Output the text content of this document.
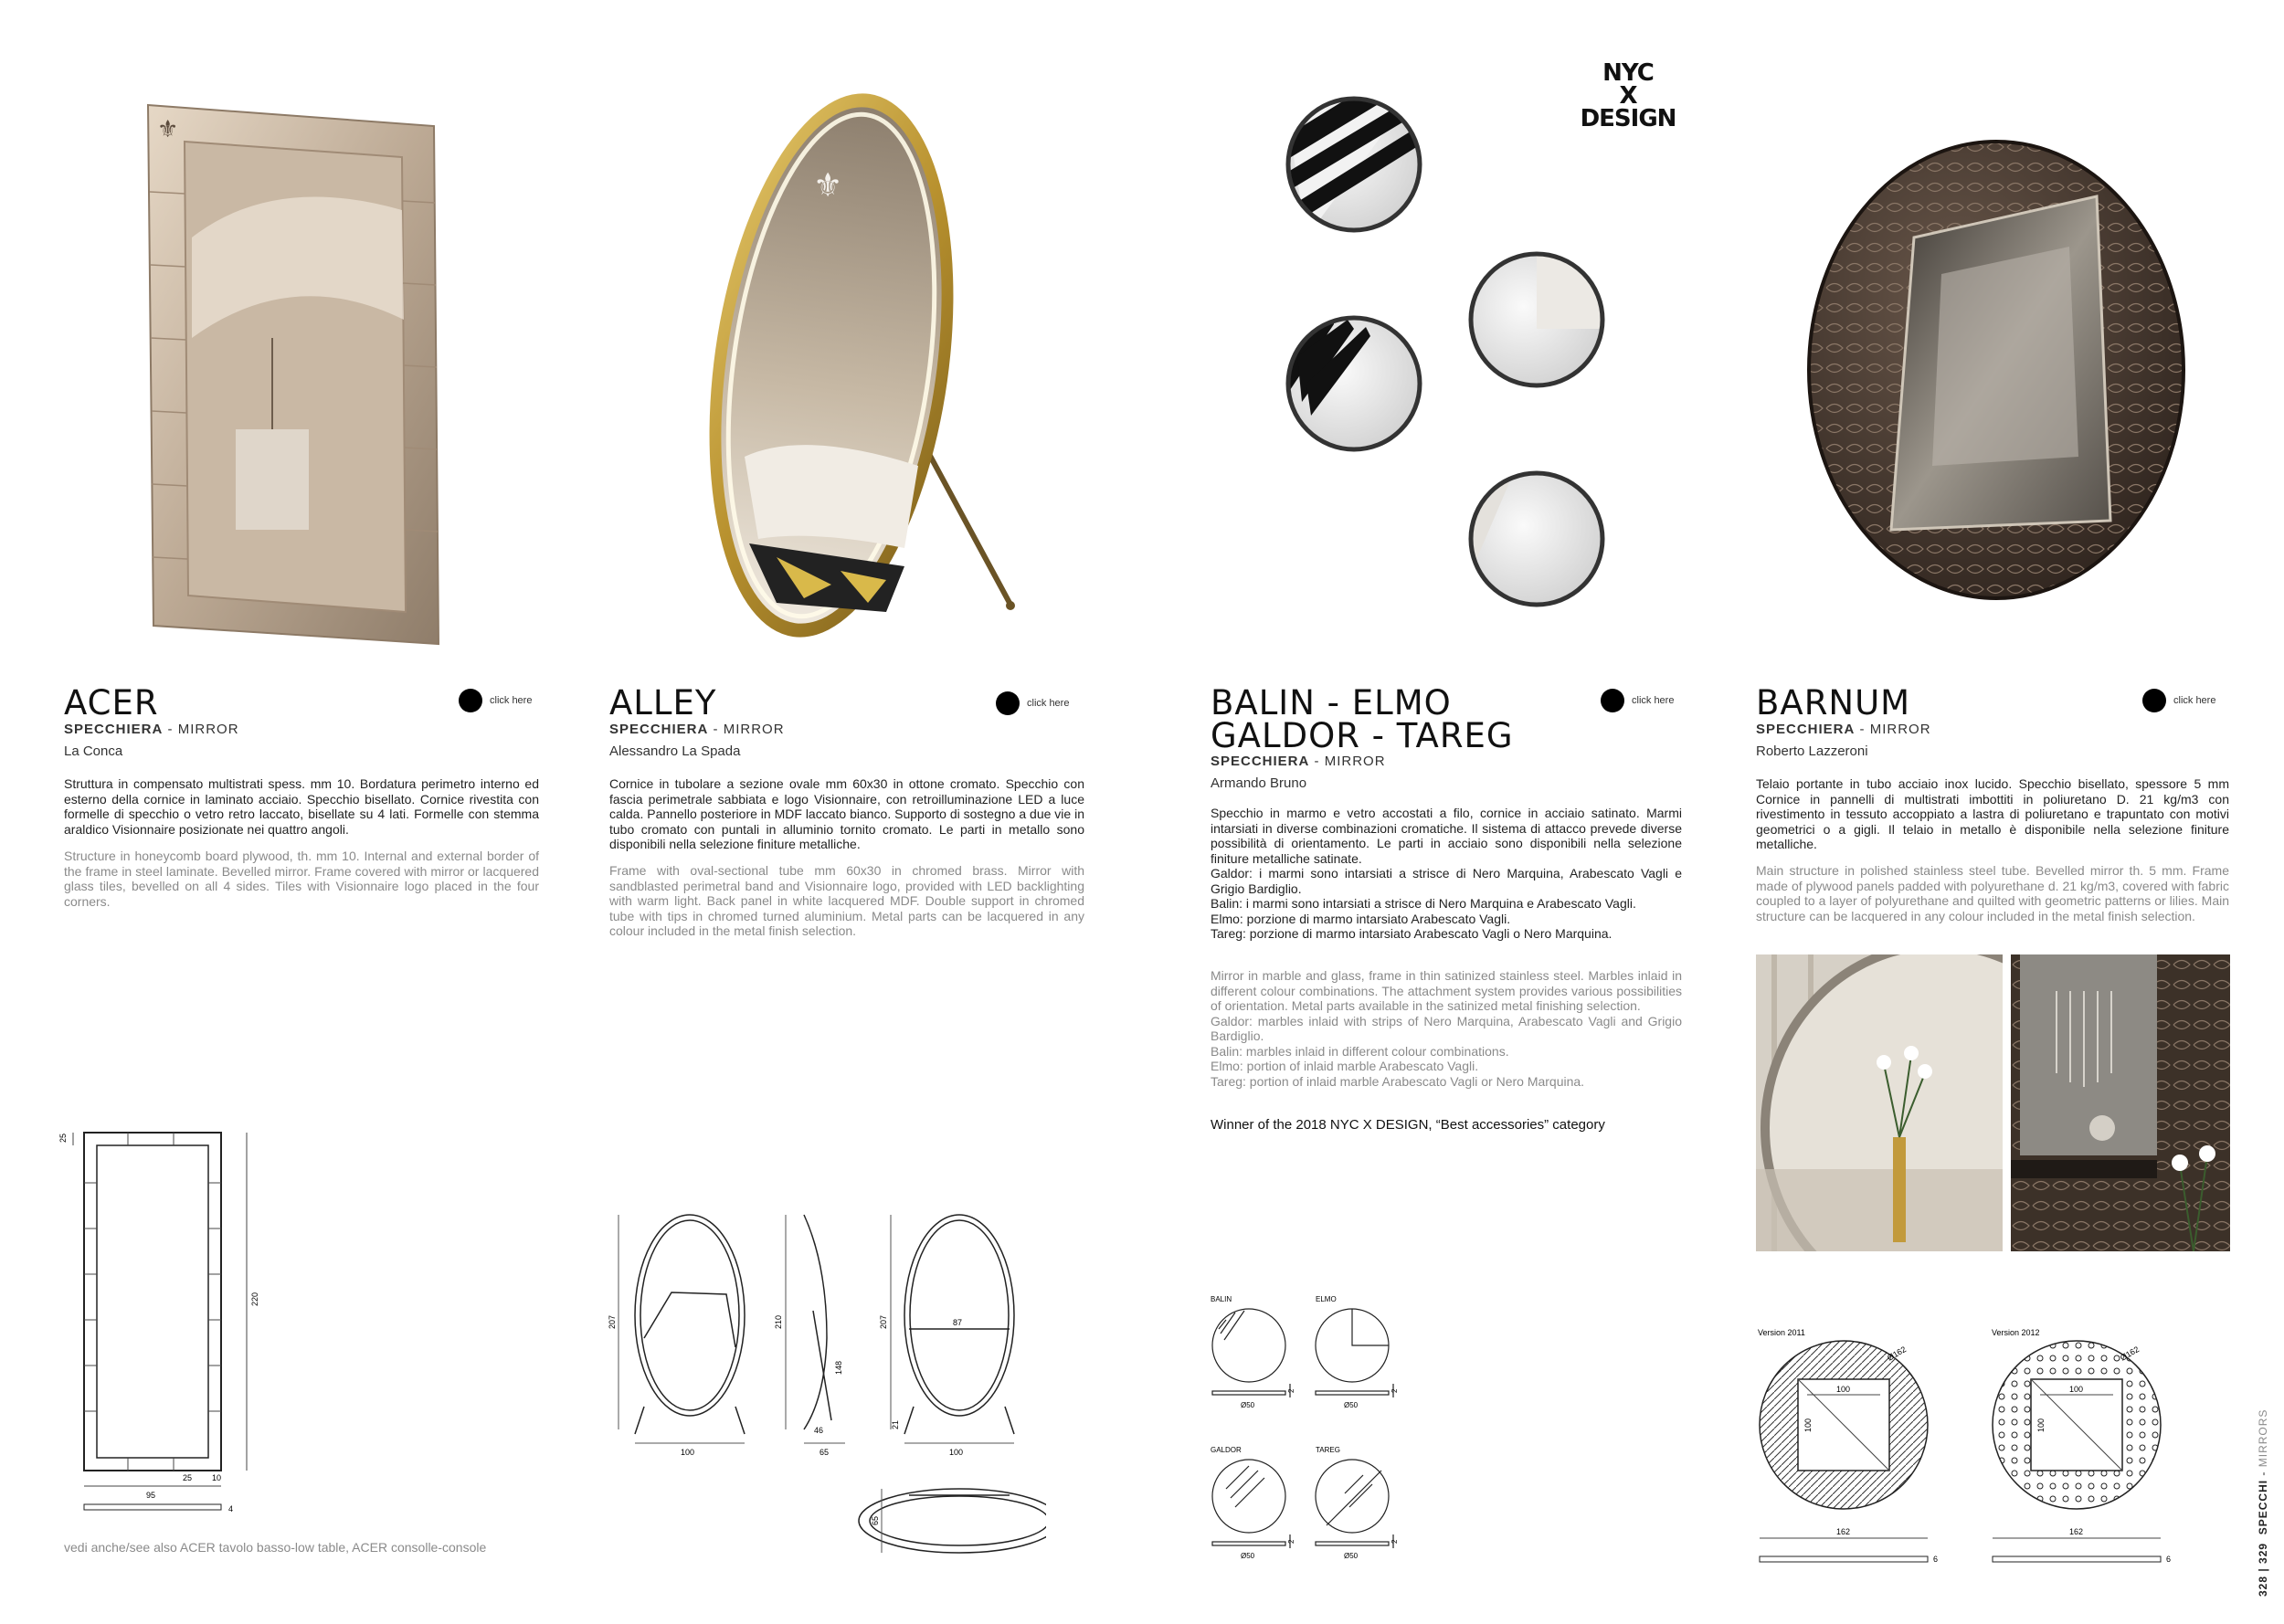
⚜
ACER	click here
SPECCHIERA - MIRROR
La Conca
Struttura in compensato multistrati spess. mm 10. Bordatura perimetro interno ed esterno della cornice in laminato acciaio. Specchio bisellato. Cornice rivestita con formelle di specchio o vetro retro laccato, bisellate su 4 lati. Formelle con stemma araldico Visionnaire posizionate nei quattro angoli.
Structure in honeycomb board plywood, th. mm 10. Internal and external border of the frame in steel laminate. Bevelled mirror. Frame covered with mirror or lacquered glass tiles, bevelled on all 4 sides. Tiles with Visionnaire logo placed in the four corners.
25
220
95
25 10
4
vedi anche/see also ACER tavolo basso-low table, ACER consolle-console
⚜
ALLEY	click here
SPECCHIERA - MIRROR
Alessandro La Spada
Cornice in tubolare a sezione ovale mm 60x30 in ottone cromato. Specchio con fascia perimetrale sabbiata e logo Visionnaire, con retroilluminazione LED a luce calda. Pannello posteriore in MDF laccato bianco. Supporto di sostegno a due vie in tubo cromato con puntali in alluminio tornito cromato. Le parti in metallo sono disponibili nella selezione finiture metalliche.
Frame with oval-sectional tube mm 60x30 in chromed brass. Mirror with sandblasted perimetral band and Visionnaire logo, provided with LED backlighting with warm light. Back panel in white lacquered MDF. Double support in chromed tube with tips in chromed turned aluminium. Metal parts can be lacquered in any colour included in the metal finish selection.
207
100
210
46
65
148
207	87
100
21
65
NYC
X DESIGN
BALIN - ELMO
GALDOR - TAREG
click here
SPECCHIERA - MIRROR
Armando Bruno
Specchio in marmo e vetro accostati a filo, cornice in acciaio satinato. Marmi intarsiati in diverse combinazioni cromatiche. Il sistema di attacco prevede diverse possibilità di orientamento. Le parti in acciaio sono disponibili nella selezione finiture metalliche satinate.
Galdor: i marmi sono intarsiati a strisce di Nero Marquina, Arabescato Vagli e Grigio Bardiglio.
Balin: i marmi sono intarsiati a strisce di Nero Marquina e Arabescato Vagli.
Elmo: porzione di marmo intarsiato Arabescato Vagli.
Tareg: porzione di marmo intarsiato Arabescato Vagli o Nero Marquina.
Mirror in marble and glass, frame in thin satinized stainless steel. Marbles inlaid in different colour combinations. The attachment system provides various possibilities of orientation. Metal parts available in the satinized metal finishing selection.
Galdor: marbles inlaid with strips of Nero Marquina, Arabescato Vagli and Grigio Bardiglio.
Balin: marbles inlaid in different colour combinations.
Elmo: portion of inlaid marble Arabescato Vagli.
Tareg: portion of inlaid marble Arabescato Vagli or Nero Marquina.
Winner of the 2018 NYC X DESIGN, “Best accessories” category
BALIN	ELMO
GALDOR	TAREG
Ø50	Ø50
Ø50	Ø50
2	2
2	2
BARNUM	click here
SPECCHIERA - MIRROR
Roberto Lazzeroni
Telaio portante in tubo acciaio inox lucido. Specchio bisellato, spessore 5 mm Cornice in pannelli di multistrati imbottiti in poliuretano D. 21 kg/m3 con rivestimento in tessuto accoppiato a lastra di poliuretano e trapuntato con motivi geometrici o a gigli. Il telaio in metallo è disponibile nella selezione finiture metalliche.
Main structure in polished stainless steel tube. Bevelled mirror th. 5 mm. Frame made of plywood panels padded with polyurethane d. 21 kg/m3, covered with fabric coupled to a layer of polyurethane and quilted with geometric patterns or lilies. Main structure can be lacquered in any colour included in the metal finish selection.
Version 2011	Version 2012
100	100
100	100
Ø162	Ø162
162	162
6	6	328 | 329  SPECCHI - MIRRORS
